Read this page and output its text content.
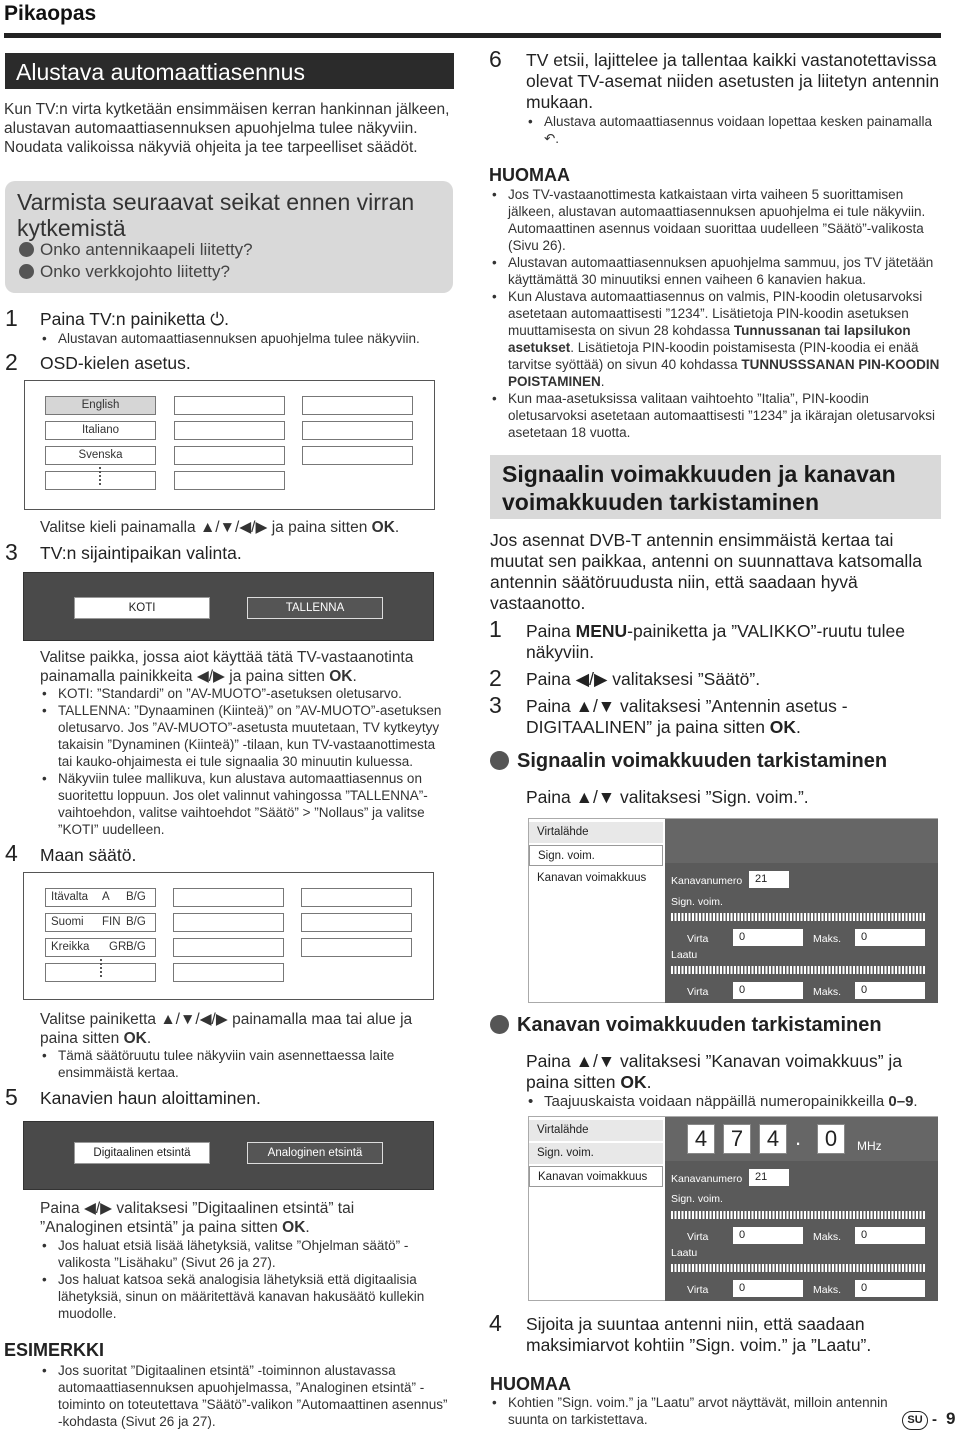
Pikaopas
Alustava automaattiasennus
Kun TV:n virta kytketään ensimmäisen kerran hankinnan jälkeen, alustavan automaattiasennuksen apuohjelma tulee näkyviin. Noudata valikoissa näkyviä ohjeita ja tee tarpeelliset säädöt.
Varmista seuraavat seikat ennen virran kytkemistä
Onko antennikaapeli liitetty?
Onko verkkojohto liitetty?
1 Paina TV:n painiketta ⏻.
• Alustavan automaattiasennuksen apuohjelma tulee näkyviin.
2 OSD-kielen asetus.
English
Italiano
Svenska
Valitse kieli painamalla ▲/▼/◀/▶ ja paina sitten OK.
3 TV:n sijaintipaikan valinta.
KOTI	TALLENNA
Valitse paikka, jossa aiot käyttää tätä TV-vastaanotinta painamalla painikkeita ◀/▶ ja paina sitten OK.
• KOTI: ”Standardi” on ”AV-MUOTO”-asetuksen oletusarvo.
• TALLENNA: ”Dynaaminen (Kiinteä)” on ”AV-MUOTO”-asetuksen oletusarvo. Jos ”AV-MUOTO”-asetusta muutetaan, TV kytkeytyy takaisin ”Dynaminen (Kiinteä)” -tilaan, kun TV-vastaanottimesta tai kauko-ohjaimesta ei tule signaalia 30 minuutin kuluessa.
• Näkyviin tulee mallikuva, kun alustava automaattiasennus on suoritettu loppuun. Jos olet valinnut vahingossa ”TALLENNA”-vaihtoehdon, valitse vaihtoehdot ”Säätö” > ”Nollaus” ja valitse ”KOTI” uudelleen.
4 Maan säätö.
Itävalta A B/G
Suomi FIN B/G
Kreikka GR B/G
Valitse painiketta ▲/▼/◀/▶ painamalla maa tai alue ja paina sitten OK.
• Tämä säätöruutu tulee näkyviin vain asennettaessa laite ensimmäistä kertaa.
5 Kanavien haun aloittaminen.
Digitaalinen etsintä	Analoginen etsintä
Paina ◀/▶ valitaksesi ”Digitaalinen etsintä” tai ”Analoginen etsintä” ja paina sitten OK.
• Jos haluat etsiä lisää lähetyksiä, valitse ”Ohjelman säätö” -valikosta ”Lisähaku” (Sivut 26 ja 27).
• Jos haluat katsoa sekä analogisia lähetyksiä että digitaalisia lähetyksiä, sinun on määritettävä kanavan hakusäätö kullekin muodolle.
ESIMERKKI
• Jos suoritat ”Digitaalinen etsintä” -toiminnon alustavassa automaattiasennuksen apuohjelmassa, ”Analoginen etsintä” -toiminto on toteutettava ”Säätö”-valikon ”Automaattinen asennus” -kohdasta (Sivut 26 ja 27).
6 TV etsii, lajittelee ja tallentaa kaikki vastanotettavissa olevat TV-asemat niiden asetusten ja liitetyn antennin mukaan.
• Alustava automaattiasennus voidaan lopettaa kesken painamalla ↶.
HUOMAA
• Jos TV-vastaanottimesta katkaistaan virta vaiheen 5 suorittamisen jälkeen, alustavan automaattiasennuksen apuohjelma ei tule näkyviin. Automaattinen asennus voidaan suorittaa uudelleen ”Säätö”-valikosta (Sivu 26).
• Alustavan automaattiasennuksen apuohjelma sammuu, jos TV jätetään käyttämättä 30 minuutiksi ennen vaiheen 6 kanavien hakua.
• Kun Alustava automaattiasennus on valmis, PIN-koodin oletusarvoksi asetetaan automaattisesti ”1234”. Lisätietoja PIN-koodin asetuksen muuttamisesta on sivun 28 kohdassa Tunnussanan tai lapsilukon asetukset. Lisätietoja PIN-koodin poistamisesta (PIN-koodia ei enää tarvitse syöttää) on sivun 40 kohdassa TUNNUSSSANAN PIN-KOODIN POISTAMINEN.
• Kun maa-asetuksissa valitaan vaihtoehto ”Italia”, PIN-koodin oletusarvoksi asetetaan automaattisesti ”1234” ja ikärajan oletusarvoksi asetetaan 18 vuotta.
Signaalin voimakkuuden ja kanavan voimakkuuden tarkistaminen
Jos asennat DVB-T antennin ensimmäistä kertaa tai muutat sen paikkaa, antenni on suunnattava katsomalla antennin säätöruudusta niin, että saadaan hyvä vastaanotto.
1 Paina MENU-painiketta ja ”VALIKKO”-ruutu tulee näkyviin.
2 Paina ◀/▶ valitaksesi ”Säätö”.
3 Paina ▲/▼ valitaksesi ”Antennin asetus - DIGITAALINEN” ja paina sitten OK.
Signaalin voimakkuuden tarkistaminen
Paina ▲/▼ valitaksesi ”Sign. voim.”.
Virtalähde
Sign. voim.
Kanavan voimakkuus	Kanavanumero	21
Sign. voim.
Virta	0	Maks.	0
Laatu
Virta	0	Maks.	0
Kanavan voimakkuuden tarkistaminen
Paina ▲/▼ valitaksesi ”Kanavan voimakkuus” ja paina sitten OK.
• Taajuuskaista voidaan näppäillä numeropainikkeilla 0–9.
Virtalähde
Sign. voim.
Kanavan voimakkuus
4	7	4 .	0	MHz
Kanavanumero	21
Sign. voim.
Virta	0	Maks.	0
Laatu
Virta	0	Maks.	0
4 Sijoita ja suuntaa antenni niin, että saadaan maksimiarvot kohtiin ”Sign. voim.” ja ”Laatu”.
HUOMAA
• Kohtien ”Sign. voim.” ja ”Laatu” arvot näyttävät, milloin antennin suunta on tarkistettava.	SU - 9
